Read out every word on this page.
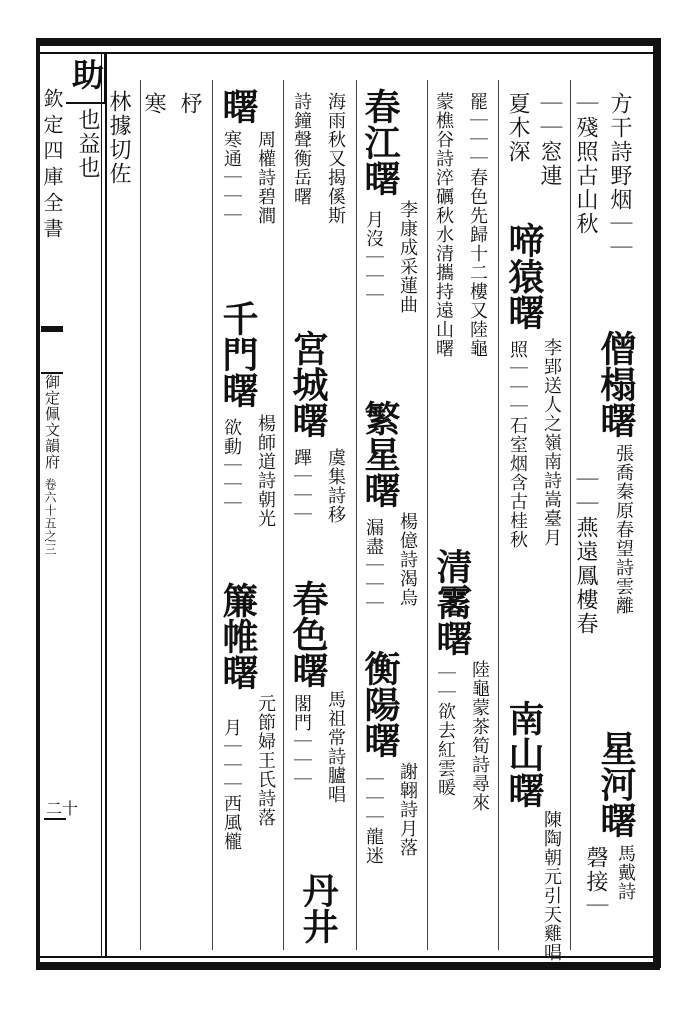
欽定四庫全書
御定佩文韻府
卷六十五之三
二十
助
林據切佐
也益也
寒 杼	方干詩野烟｜｜
僧榻曙
張喬秦原春望詩雲離
星河曙
馬戴詩
｜殘照古山秋
｜｜燕遠鳳樓春
磬接｜
｜｜窓連
啼猿曙
李郢送人之嶺南詩嵩臺月
夏木深
照｜｜｜石室烟含古桂秋
南山曙
陳陶朝元引天雞唱
罷｜｜｜春色先歸十二樓又陸龜
蒙樵谷詩淬礪秋水清攜持遠山曙
清霱曙
陸龜蒙茶筍詩尋來
｜｜欲去紅雲暖
春江曙
李康成采蓮曲
月沒｜｜｜
繁星曙
楊億詩渴烏
漏盡｜｜｜
衡陽曙
謝翺詩月落
｜｜｜龍迷
海雨秋又揭傒斯
宮城曙
虞集詩移
春色曙
馬祖常詩臚唱
詩鐘聲衡岳曙
蹕｜｜｜
閣門｜｜｜
丹井
曙
周權詩碧澗
寒通｜｜｜
千門曙
楊師道詩朝光
欲動｜｜｜
簾帷曙
元節婦王氏詩落
月｜｜｜西風櫳
